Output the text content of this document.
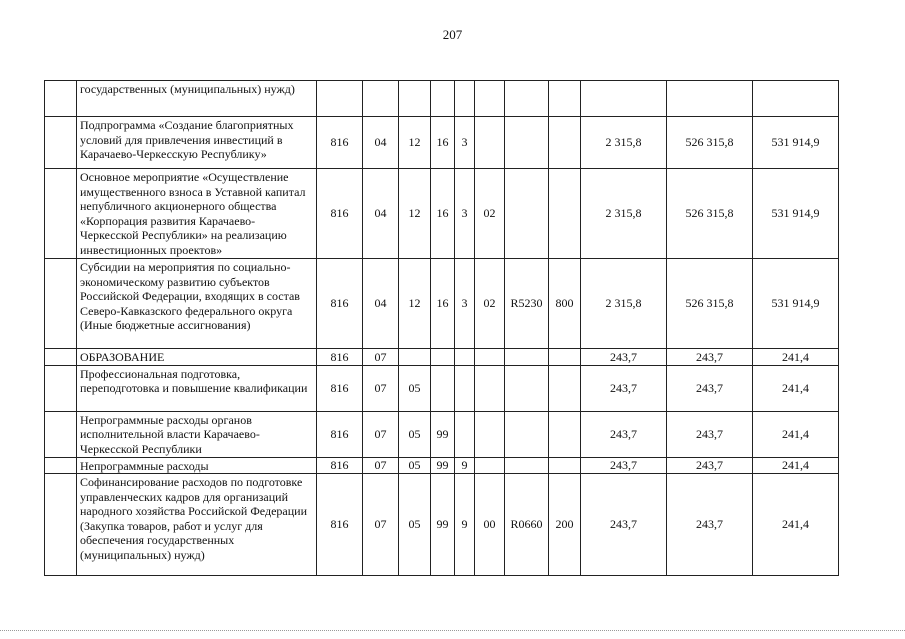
207
	государственных (муниципальных) нужд)											
	Подпрограмма «Создание благоприятных условий для привлечения инвестиций в Карачаево-Черкесскую Республику»	816	04	12	16	3				2 315,8	526 315,8	531 914,9
	Основное мероприятие «Осуществление имущественного взноса в Уставной капитал непубличного акционерного общества «Корпорация развития Карачаево-Черкесской Республики» на реализацию инвестиционных проектов»	816	04	12	16	3	02			2 315,8	526 315,8	531 914,9
	Субсидии на мероприятия по социально-экономическому развитию субъектов Российской Федерации, входящих в состав Северо-Кавказского федерального округа (Иные бюджетные ассигнования)	816	04	12	16	3	02	R5230	800	2 315,8	526 315,8	531 914,9
	ОБРАЗОВАНИЕ	816	07							243,7	243,7	241,4
	Профессиональная подготовка, переподготовка и повышение квалификации	816	07	05						243,7	243,7	241,4
	Непрограммные расходы органов исполнительной власти Карачаево-Черкесской Республики	816	07	05	99					243,7	243,7	241,4
	Непрограммные расходы	816	07	05	99	9				243,7	243,7	241,4
	Софинансирование расходов по подготовке управленческих кадров для организаций народного хозяйства Российской Федерации (Закупка товаров, работ и услуг для обеспечения государственных (муниципальных) нужд)	816	07	05	99	9	00	R0660	200	243,7	243,7	241,4
